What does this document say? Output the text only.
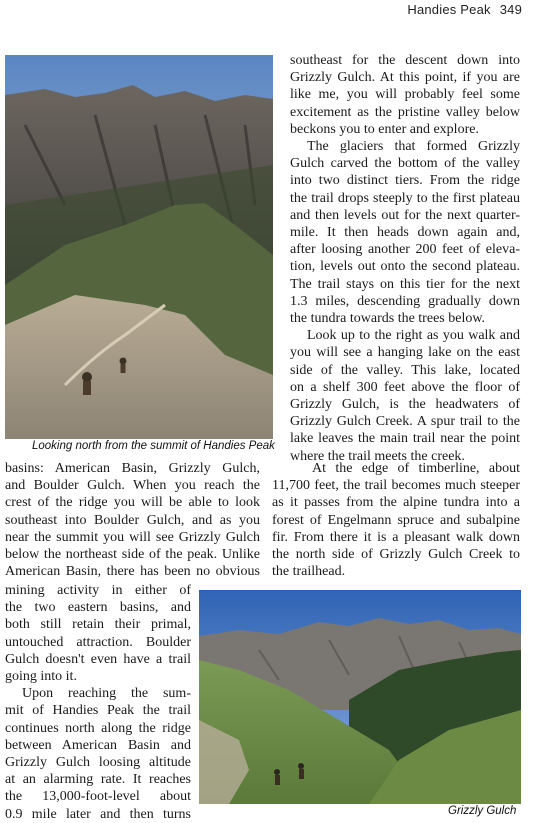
Handies Peak 349
Looking north from the summit of Handies Peak

southeast for the descent down into
Grizzly Gulch. At this point, if you are
like me, you will probably feel some
excitement as the pristine valley below
beckons you to enter and explore.

The glaciers that formed Grizzly
Gulch carved the bottom of the valley
into two distinct tiers. From the ridge
the trail drops steeply to the first plateau
and then levels out for the next quarter-
mile. It then heads down again and,
after loosing another 200 feet of eleva-
tion, levels out onto the second plateau.
The trail stays on this tier for the next
1.3 miles, descending gradually down
the tundra towards the trees below.

Look up to the right as you walk and
you will see a hanging lake on the east
side of the valley. This lake, located
on a shelf 300 feet above the floor of
Grizzly Gulch, is the headwaters of
Grizzly Gulch Creek. A spur trail to the
lake leaves the main trail near the point
where the trail meets the creek.

At the edge of timberline, about
11,700 feet, the trail becomes much steeper
as it passes from the alpine tundra into a
forest of Engelmann spruce and subalpine
fir. From there it is a pleasant walk down
the north side of Grizzly Gulch Creek to
the trailhead.

basins: American Basin, Grizzly Gulch,
and Boulder Gulch. When you reach the
crest of the ridge you will be able to look
southeast into Boulder Gulch, and as you
near the summit you will see Grizzly Gulch
below the northeast side of the peak. Unlike
American Basin, there has been no obvious

mining activity in either of
the two eastern basins, and
both still retain their primal,
untouched attraction. Boulder
Gulch doesn't even have a trail
going into it.

Upon reaching the sum-
mit of Handies Peak the trail
continues north along the ridge
between American Basin and
Grizzly Gulch loosing altitude
at an alarming rate. It reaches
the 13,000-foot-level about
0.9 mile later and then turns	Grizzly Gulch
